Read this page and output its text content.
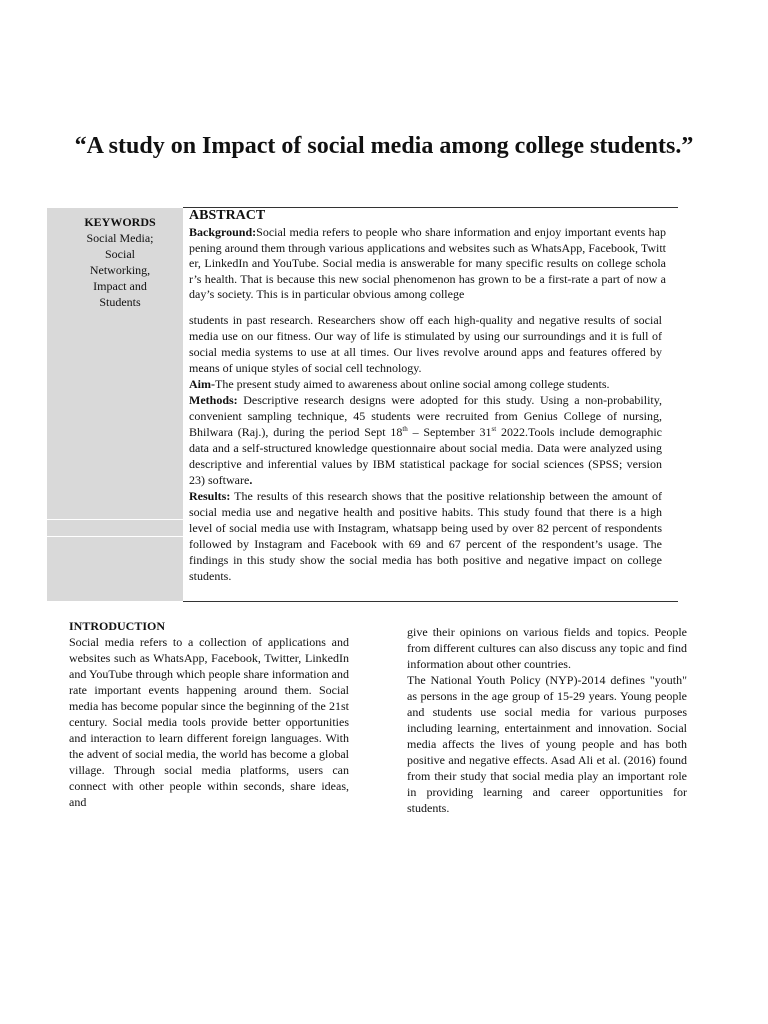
“A study on Impact of social media among college students.”
KEYWORDS
Social Media;
Social
Networking,
Impact and
Students
ABSTRACT
Background:Social media refers to people who share information and enjoy important events happening around them through various applications and websites such as WhatsApp, Facebook, Twitter, LinkedIn and YouTube. Social media is answerable for many specific results on college scholar’s health. That is because this new social phenomenon has grown to be a first-rate a part of now a day’s society. This is in particular obvious among college

students in past research. Researchers show off each high-quality and negative results of social media use on our fitness. Our way of life is stimulated by using our surroundings and it is full of social media systems to use at all times. Our lives revolve around apps and features offered by means of unique styles of social cell technology.

Aim-The present study aimed to awareness about online social among college students.

Methods: Descriptive research designs were adopted for this study. Using a non-probability, convenient sampling technique, 45 students were recruited from Genius College of nursing, Bhilwara (Raj.), during the period Sept 18th – September 31st 2022.Tools include demographic data and a self-structured knowledge questionnaire about social media. Data were analyzed using descriptive and inferential values by IBM statistical package for social sciences (SPSS; version 23) software.

Results: The results of this research shows that the positive relationship between the amount of social media use and negative health and positive habits. This study found that there is a high level of social media use with Instagram, whatsapp being used by over 82 percent of respondents followed by Instagram and Facebook with 69 and 67 percent of the respondent’s usage. The findings in this study show the social media has both positive and negative impact on college students.

INTRODUCTION

Social media refers to a collection of applications and websites such as WhatsApp, Facebook, Twitter, LinkedIn and YouTube through which people share information and rate important events happening around them. Social media has become popular since the beginning of the 21st century. Social media tools provide better opportunities and interaction to learn different foreign languages. With the advent of social media, the world has become a global village. Through social media platforms, users can connect with other people within seconds, share ideas, and

give their opinions on various fields and topics. People from different cultures can also discuss any topic and find information about other countries.

The National Youth Policy (NYP)-2014 defines "youth" as persons in the age group of 15-29 years. Young people and students use social media for various purposes including learning, entertainment and innovation. Social media affects the lives of young people and has both positive and negative effects. Asad Ali et al. (2016) found from their study that social media play an important role in providing learning and career opportunities for students.
